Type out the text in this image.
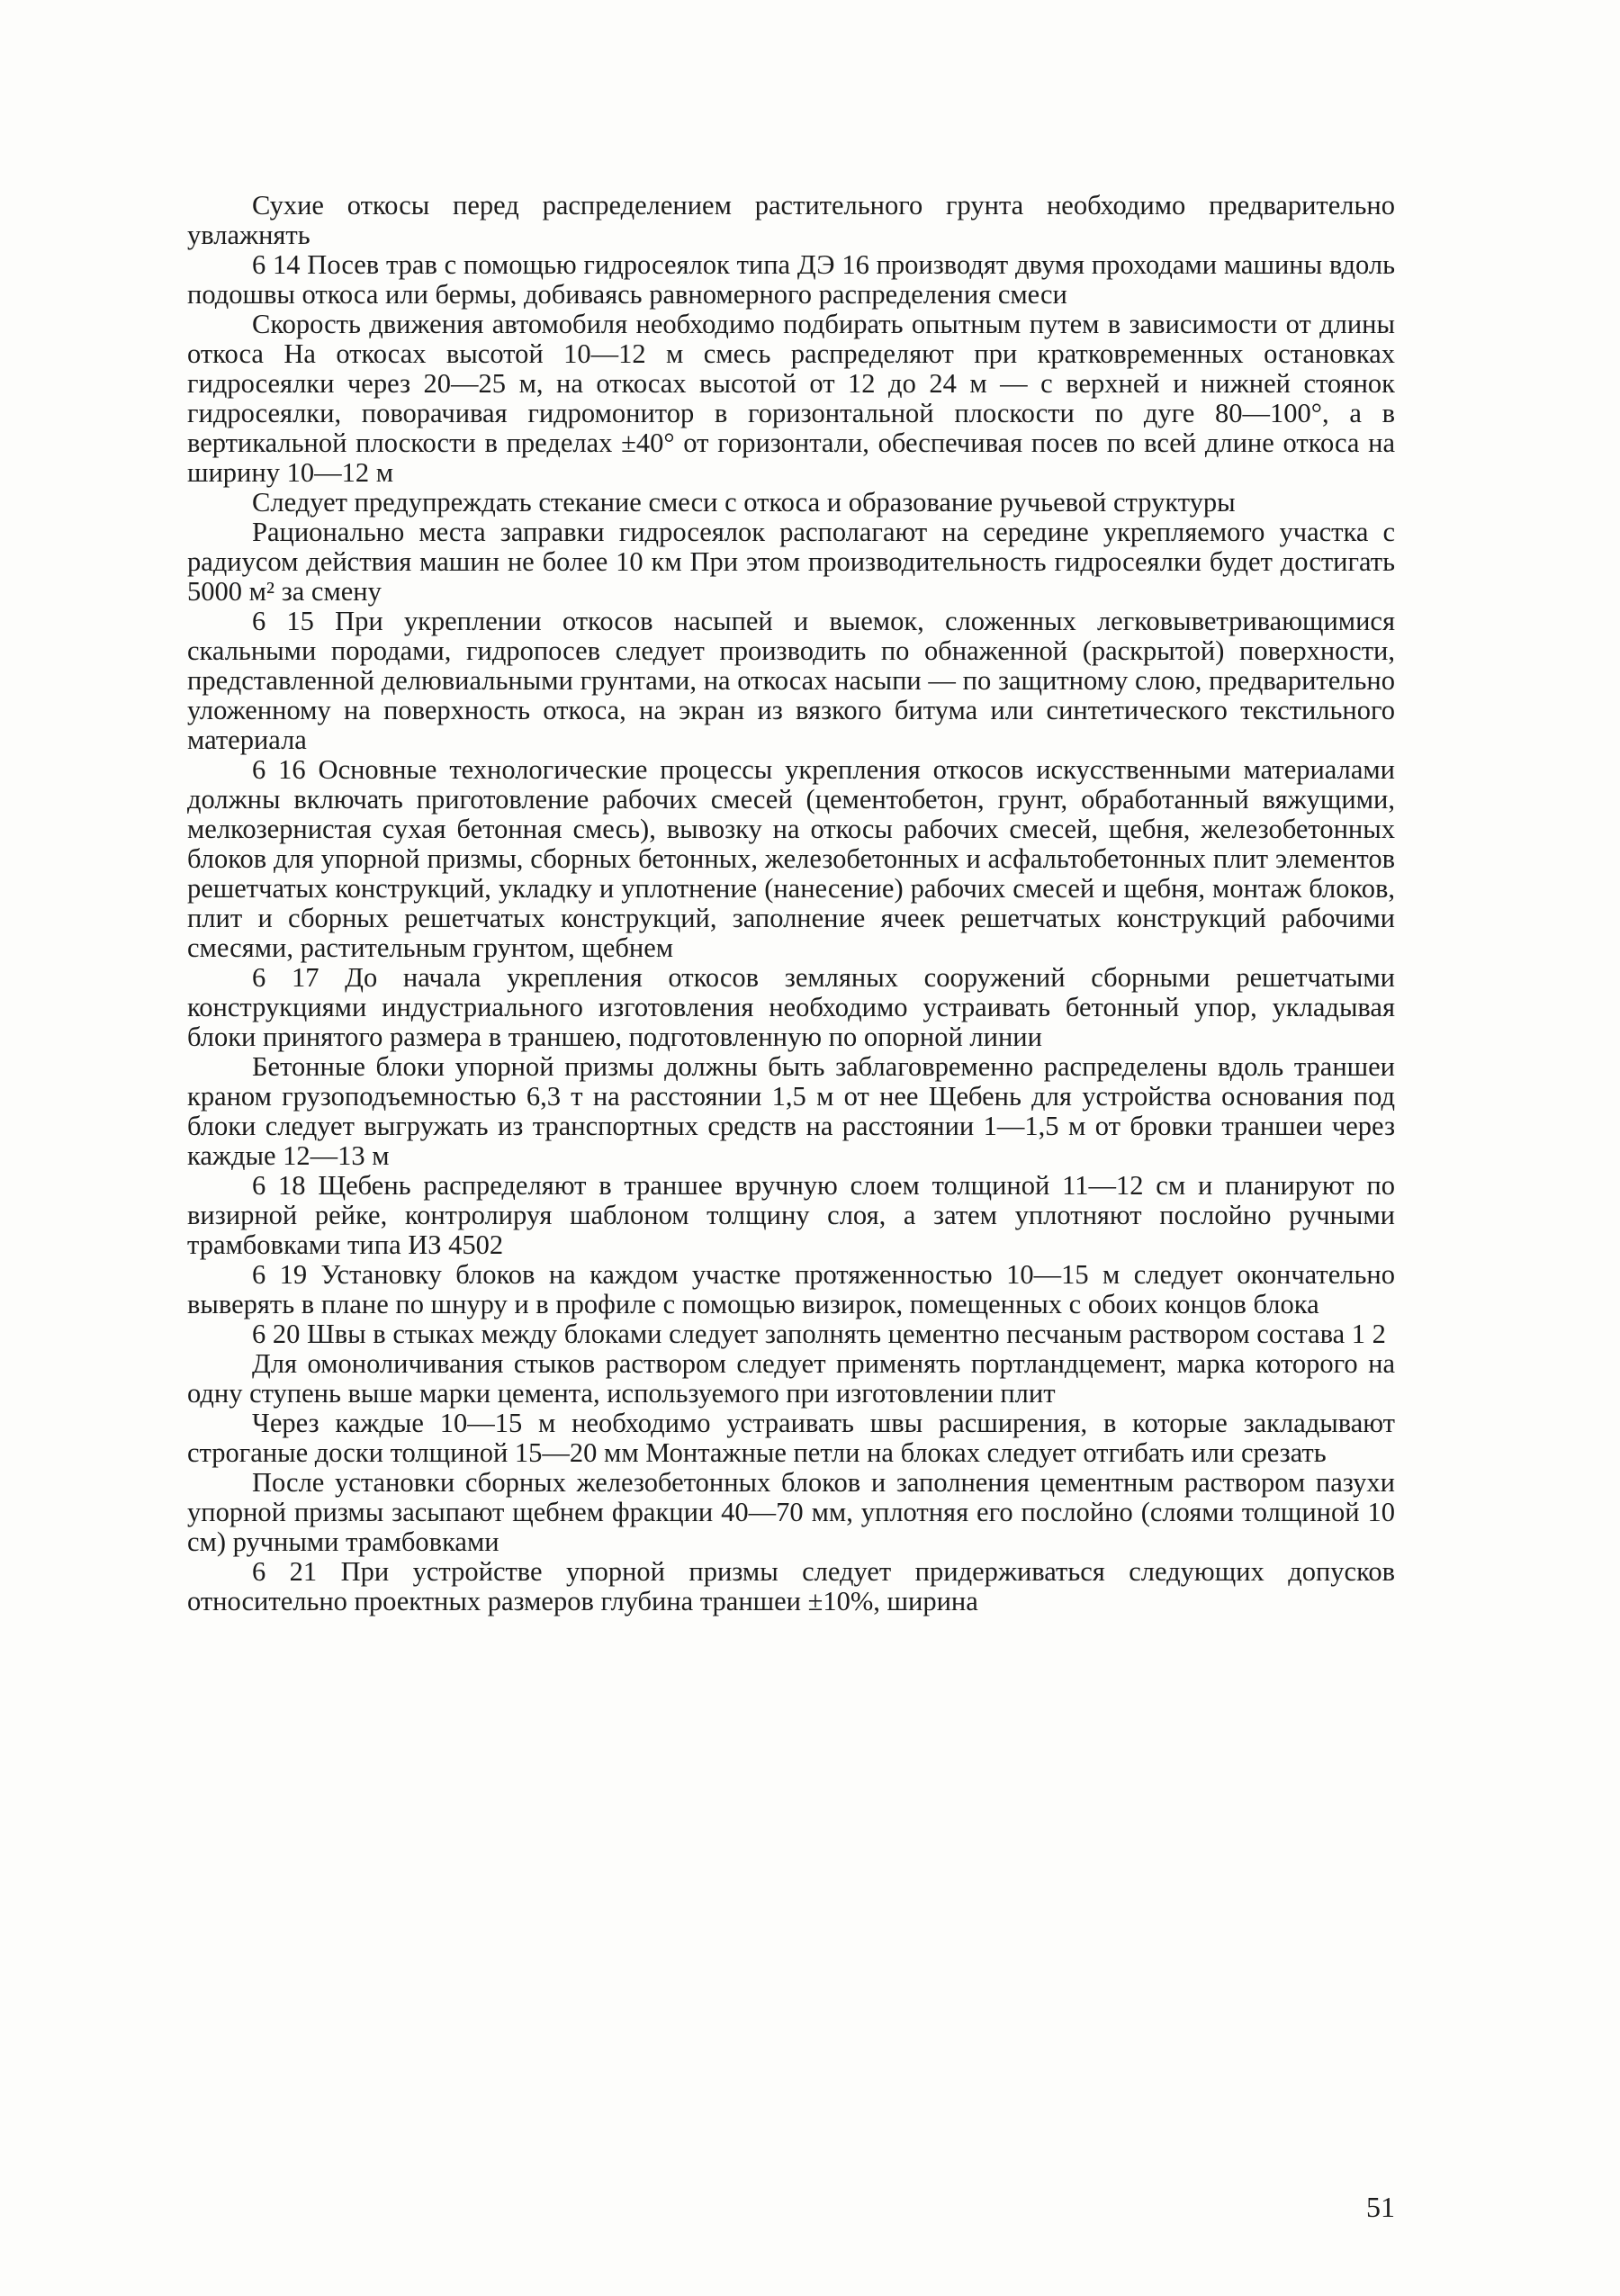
Сухие откосы перед распределением растительного грунта необходимо предварительно увлажнять

6 14 Посев трав с помощью гидросеялок типа ДЭ 16 производят двумя проходами машины вдоль подошвы откоса или бермы, добиваясь равномерного распределения смеси

Скорость движения автомобиля необходимо подбирать опытным путем в зависимости от длины откоса На откосах высотой 10—12 м смесь распределяют при кратковременных остановках гидросеялки через 20—25 м, на откосах высотой от 12 до 24 м — с верхней и нижней стоянок гидросеялки, поворачивая гидромонитор в горизонтальной плоскости по дуге 80—100°, а в вертикальной плоскости в пределах ±40° от горизонтали, обеспечивая посев по всей длине откоса на ширину 10—12 м

Следует предупреждать стекание смеси с откоса и образование ручьевой структуры

Рационально места заправки гидросеялок располагают на середине укрепляемого участка с радиусом действия машин не более 10 км При этом производительность гидросеялки будет достигать 5000 м² за смену

6 15 При укреплении откосов насыпей и выемок, сложенных легковыветривающимися скальными породами, гидропосев следует производить по обнаженной (раскрытой) поверхности, представленной делювиальными грунтами, на откосах насыпи — по защитному слою, предварительно уложенному на поверхность откоса, на экран из вязкого битума или синтетического текстильного материала

6 16 Основные технологические процессы укрепления откосов искусственными материалами должны включать приготовление рабочих смесей (цементобетон, грунт, обработанный вяжущими, мелкозернистая сухая бетонная смесь), вывозку на откосы рабочих смесей, щебня, железобетонных блоков для упорной призмы, сборных бетонных, железобетонных и асфальтобетонных плит элементов решетчатых конструкций, укладку и уплотнение (нанесение) рабочих смесей и щебня, монтаж блоков, плит и сборных решетчатых конструкций, заполнение ячеек решетчатых конструкций рабочими смесями, растительным грунтом, щебнем

6 17 До начала укрепления откосов земляных сооружений сборными решетчатыми конструкциями индустриального изготовления необходимо устраивать бетонный упор, укладывая блоки принятого размера в траншею, подготовленную по опорной линии

Бетонные блоки упорной призмы должны быть заблаговременно распределены вдоль траншеи краном грузоподъемностью 6,3 т на расстоянии 1,5 м от нее Щебень для устройства основания под блоки следует выгружать из транспортных средств на расстоянии 1—1,5 м от бровки траншеи через каждые 12—13 м

6 18 Щебень распределяют в траншее вручную слоем толщиной 11—12 см и планируют по визирной рейке, контролируя шаблоном толщину слоя, а затем уплотняют послойно ручными трамбовками типа ИЗ 4502

6 19 Установку блоков на каждом участке протяженностью 10—15 м следует окончательно выверять в плане по шнуру и в профиле с помощью визирок, помещенных с обоих концов блока

6 20 Швы в стыках между блоками следует заполнять цементно песчаным раствором состава 1 2

Для омоноличивания стыков раствором следует применять портландцемент, марка которого на одну ступень выше марки цемента, используемого при изготовлении плит

Через каждые 10—15 м необходимо устраивать швы расширения, в которые закладывают строганые доски толщиной 15—20 мм Монтажные петли на блоках следует отгибать или срезать

После установки сборных железобетонных блоков и заполнения цементным раствором пазухи упорной призмы засыпают щебнем фракции 40—70 мм, уплотняя его послойно (слоями толщиной 10 см) ручными трамбовками

6 21 При устройстве упорной призмы следует придерживаться следующих допусков относительно проектных размеров глубина траншеи ±10%, ширина

51
